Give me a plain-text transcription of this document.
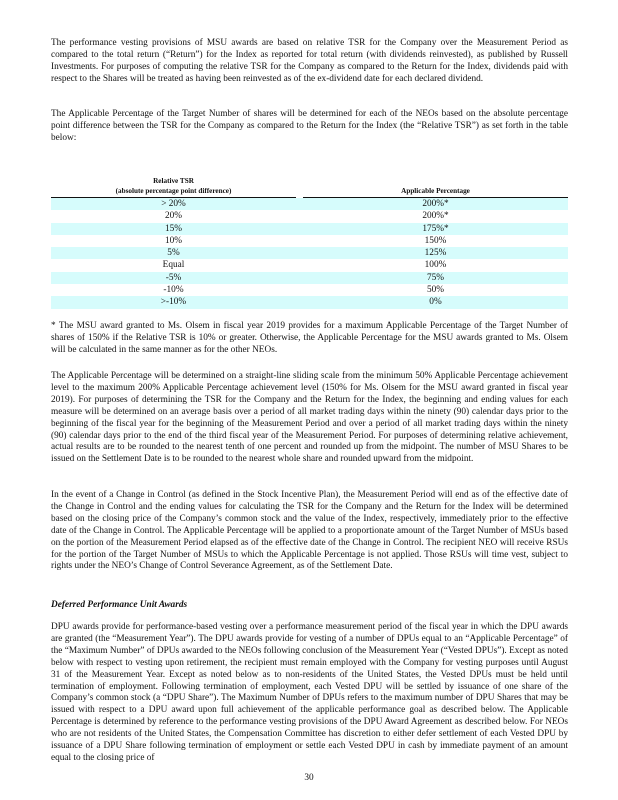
The performance vesting provisions of MSU awards are based on relative TSR for the Company over the Measurement Period as compared to the total return (“Return”) for the Index as reported for total return (with dividends reinvested), as published by Russell Investments. For purposes of computing the relative TSR for the Company as compared to the Return for the Index, dividends paid with respect to the Shares will be treated as having been reinvested as of the ex-dividend date for each declared dividend.

The Applicable Percentage of the Target Number of shares will be determined for each of the NEOs based on the absolute percentage point difference between the TSR for the Company as compared to the Return for the Index (the “Relative TSR”) as set forth in the table below:

Relative TSR
(absolute percentage point difference)	Applicable Percentage
> 20%	200%*
20%	200%*
15%	175%*
10%	150%
5%	125%
Equal	100%
-5%	75%
-10%	50%
>-10%	0%

* The MSU award granted to Ms. Olsem in fiscal year 2019 provides for a maximum Applicable Percentage of the Target Number of shares of 150% if the Relative TSR is 10% or greater. Otherwise, the Applicable Percentage for the MSU awards granted to Ms. Olsem will be calculated in the same manner as for the other NEOs.

The Applicable Percentage will be determined on a straight-line sliding scale from the minimum 50% Applicable Percentage achievement level to the maximum 200% Applicable Percentage achievement level (150% for Ms. Olsem for the MSU award granted in fiscal year 2019). For purposes of determining the TSR for the Company and the Return for the Index, the beginning and ending values for each measure will be determined on an average basis over a period of all market trading days within the ninety (90) calendar days prior to the beginning of the fiscal year for the beginning of the Measurement Period and over a period of all market trading days within the ninety (90) calendar days prior to the end of the third fiscal year of the Measurement Period. For purposes of determining relative achievement, actual results are to be rounded to the nearest tenth of one percent and rounded up from the midpoint. The number of MSU Shares to be issued on the Settlement Date is to be rounded to the nearest whole share and rounded upward from the midpoint.

In the event of a Change in Control (as defined in the Stock Incentive Plan), the Measurement Period will end as of the effective date of the Change in Control and the ending values for calculating the TSR for the Company and the Return for the Index will be determined based on the closing price of the Company’s common stock and the value of the Index, respectively, immediately prior to the effective date of the Change in Control. The Applicable Percentage will be applied to a proportionate amount of the Target Number of MSUs based on the portion of the Measurement Period elapsed as of the effective date of the Change in Control. The recipient NEO will receive RSUs for the portion of the Target Number of MSUs to which the Applicable Percentage is not applied. Those RSUs will time vest, subject to rights under the NEO’s Change of Control Severance Agreement, as of the Settlement Date.

Deferred Performance Unit Awards

DPU awards provide for performance-based vesting over a performance measurement period of the fiscal year in which the DPU awards are granted (the “Measurement Year”). The DPU awards provide for vesting of a number of DPUs equal to an “Applicable Percentage” of the “Maximum Number” of DPUs awarded to the NEOs following conclusion of the Measurement Year (“Vested DPUs”). Except as noted below with respect to vesting upon retirement, the recipient must remain employed with the Company for vesting purposes until August 31 of the Measurement Year. Except as noted below as to non-residents of the United States, the Vested DPUs must be held until termination of employment. Following termination of employment, each Vested DPU will be settled by issuance of one share of the Company’s common stock (a “DPU Share”). The Maximum Number of DPUs refers to the maximum number of DPU Shares that may be issued with respect to a DPU award upon full achievement of the applicable performance goal as described below. The Applicable Percentage is determined by reference to the performance vesting provisions of the DPU Award Agreement as described below. For NEOs who are not residents of the United States, the Compensation Committee has discretion to either defer settlement of each Vested DPU by issuance of a DPU Share following termination of employment or settle each Vested DPU in cash by immediate payment of an amount equal to the closing price of

30
